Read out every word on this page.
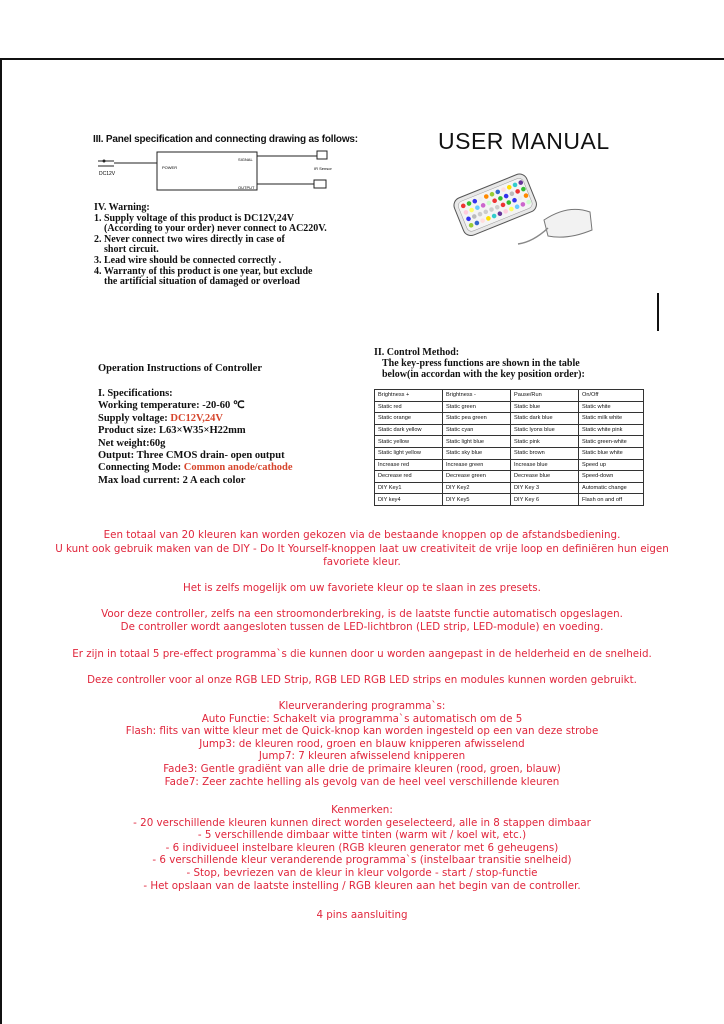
III. Panel specification and connecting drawing as follows:
DC12V
POWER
SIGNAL
IR Sensor
OUTPUT
USER MANUAL
IV. Warning:
1. Supply voltage of this product is DC12V,24V
(According to your order) never connect to AC220V.
2. Never connect two wires directly in case of
short circuit.
3. Lead wire should be connected correctly .
4. Warranty of this product is one year, but exclude
the artificial situation of damaged or overload
Operation Instructions of Controller
I. Specifications:
Working temperature: -20-60 ℃
Supply voltage: DC12V,24V
Product size: L63×W35×H22mm
Net weight:60g
Output: Three CMOS drain- open output
Connecting Mode: Common anode/cathode
Max load current: 2 A each color
II. Control Method:
The key-press functions are shown in the table
below(in accordan with the key position order):
Brightness +	Brightness -	Pause/Run	On/Off
Static red	Static green	Static blue	Static white
Static orange	Static pea green	Static dark blue	Static milk white
Static dark yellow	Static cyan	Static lyons blue	Static white pink
Static yellow	Static light blue	Static pink	Static green-white
Static light yellow	Static sky blue	Static brown	Static blue white
Increase red	Increase green	Increase blue	Speed up
Decrease red	Decrease green	Decrease blue	Speed-down
DIY Key1	DIY Key2	DIY Key 3	Automatic change
DIY key4	DIY Key5	DIY Key 6	Flash on and off
Een totaal van 20 kleuren kan worden gekozen via de bestaande knoppen op de afstandsbediening.
U kunt ook gebruik maken van de DIY - Do It Yourself-knoppen laat uw creativiteit de vrije loop en definiëren hun eigen favoriete kleur.
Het is zelfs mogelijk om uw favoriete kleur op te slaan in zes presets.
Voor deze controller, zelfs na een stroomonderbreking, is de laatste functie automatisch opgeslagen.
De controller wordt aangesloten tussen de LED-lichtbron (LED strip, LED-module) en voeding.
Er zijn in totaal 5 pre-effect programma`s die kunnen door u worden aangepast in de helderheid en de snelheid.
Deze controller voor al onze RGB LED Strip, RGB LED RGB LED strips en modules kunnen worden gebruikt.
Kleurverandering programma`s:
Auto Functie: Schakelt via programma`s automatisch om de 5
Flash: flits van witte kleur met de Quick-knop kan worden ingesteld op een van deze strobe
Jump3: de kleuren rood, groen en blauw knipperen afwisselend
Jump7: 7 kleuren afwisselend knipperen
Fade3: Gentle gradiënt van alle drie de primaire kleuren (rood, groen, blauw)
Fade7: Zeer zachte helling als gevolg van de heel veel verschillende kleuren
Kenmerken:
- 20 verschillende kleuren kunnen direct worden geselecteerd, alle in 8 stappen dimbaar
- 5 verschillende dimbaar witte tinten (warm wit / koel wit, etc.)
- 6 individueel instelbare kleuren (RGB kleuren generator met 6 geheugens)
- 6 verschillende kleur veranderende programma`s (instelbaar transitie snelheid)
- Stop, bevriezen van de kleur in kleur volgorde - start / stop-functie
- Het opslaan van de laatste instelling / RGB kleuren aan het begin van de controller.
4 pins aansluiting
